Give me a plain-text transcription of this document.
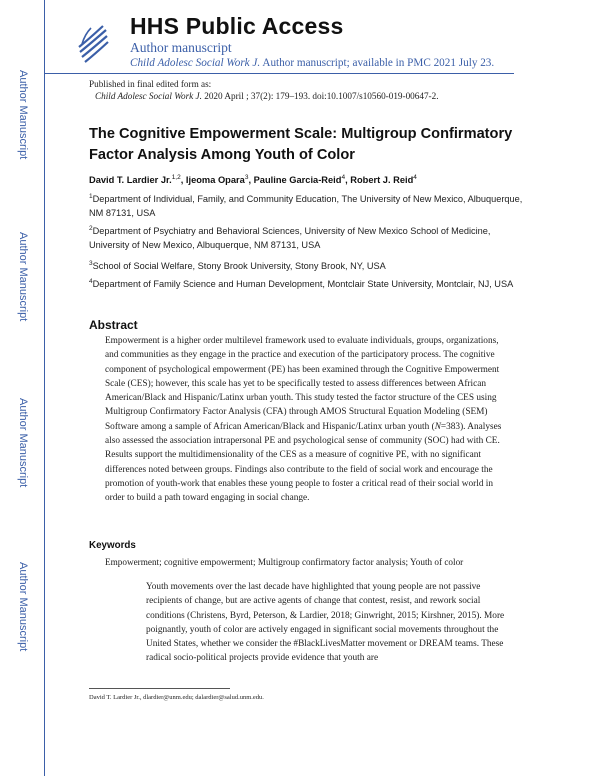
HHS Public Access
Author manuscript
Child Adolesc Social Work J. Author manuscript; available in PMC 2021 July 23.
Author Manuscript
Author Manuscript
Author Manuscript
Author Manuscript
Published in final edited form as:
Child Adolesc Social Work J. 2020 April ; 37(2): 179–193. doi:10.1007/s10560-019-00647-2.
The Cognitive Empowerment Scale: Multigroup Confirmatory Factor Analysis Among Youth of Color
David T. Lardier Jr.$^{1,2}$, Ijeoma Opara$^3$, Pauline Garcia-Reid$^4$, Robert J. Reid$^4$
$^1$Department of Individual, Family, and Community Education, The University of New Mexico, Albuquerque, NM 87131, USA
$^2$Department of Psychiatry and Behavioral Sciences, University of New Mexico School of Medicine, University of New Mexico, Albuquerque, NM 87131, USA
$^3$School of Social Welfare, Stony Brook University, Stony Brook, NY, USA
$^4$Department of Family Science and Human Development, Montclair State University, Montclair, NJ, USA
Abstract
Empowerment is a higher order multilevel framework used to evaluate individuals, groups, organizations, and communities as they engage in the practice and execution of the participatory process. The cognitive component of psychological empowerment (PE) has been examined through the Cognitive Empowerment Scale (CES); however, this scale has yet to be specifically tested to assess differences between African American/Black and Hispanic/Latinx urban youth. This study tested the factor structure of the CES using Multigroup Confirmatory Factor Analysis (CFA) through AMOS Structural Equation Modeling (SEM) Software among a sample of African American/Black and Hispanic/Latinx urban youth (N=383). Analyses also assessed the association intrapersonal PE and psychological sense of community (SOC) had with CE. Results support the multidimensionality of the CES as a measure of cognitive PE, with no significant differences noted between groups. Findings also contribute to the field of social work and encourage the promotion of youth-work that enables these young people to foster a critical read of their social world in order to build a path toward engaging in social change.
Keywords
Empowerment; cognitive empowerment; Multigroup confirmatory factor analysis; Youth of color
Youth movements over the last decade have highlighted that young people are not passive recipients of change, but are active agents of change that contest, resist, and rework social conditions (Christens, Byrd, Peterson, & Lardier, 2018; Ginwright, 2015; Kirshner, 2015). More poignantly, youth of color are actively engaged in significant social movements throughout the United States, whether we consider the #BlackLivesMatter movement or DREAM teams. These radical socio-political projects provide evidence that youth are
David T. Lardier Jr., dlardier@unm.edu; dalardier@salud.unm.edu.
